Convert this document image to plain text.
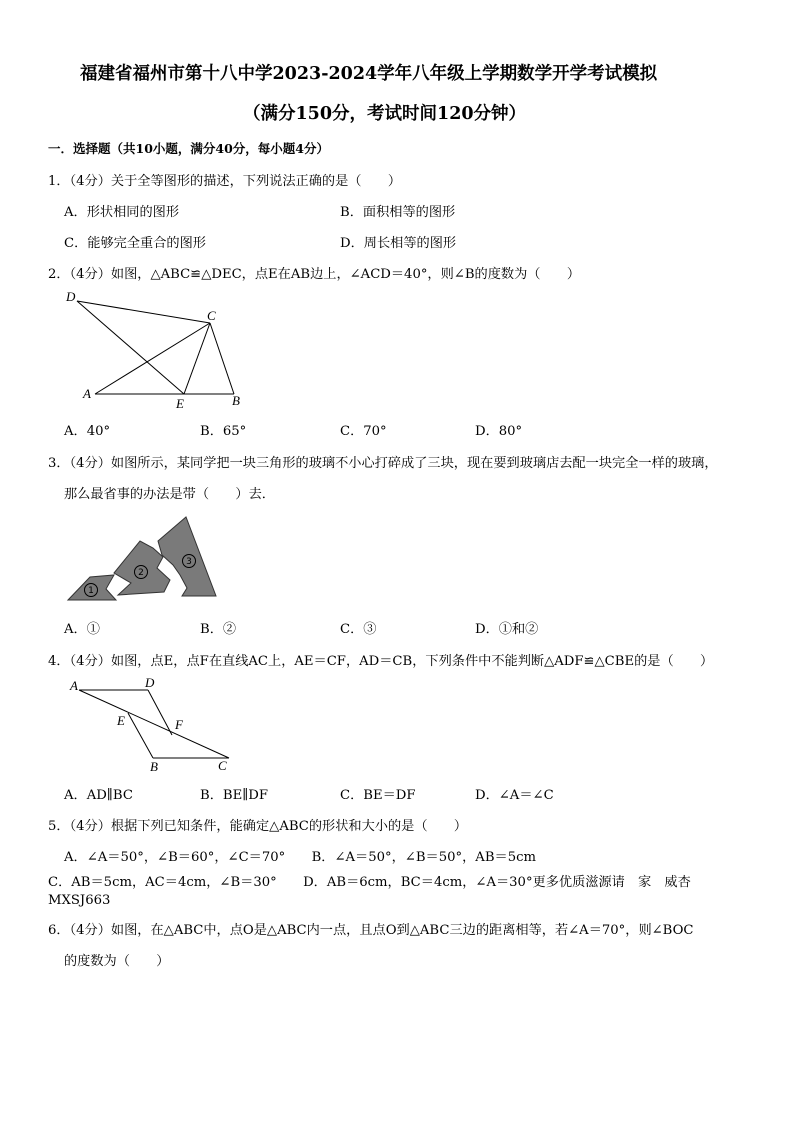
福建省福州市第十八中学2023-2024学年八年级上学期数学开学考试模拟
（满分150分，考试时间120分钟）
一．选择题（共10小题，满分40分，每小题4分）
1．（4分）关于全等图形的描述，下列说法正确的是（　　）
A．形状相同的图形	B．面积相等的图形
C．能够完全重合的图形	D．周长相等的图形
2．（4分）如图，△ABC≌△DEC，点E在AB边上，∠ACD＝40°，则∠B的度数为（　　）
D
C
A
E	B
A．40°	B．65°	C．70°	D．80°
3．（4分）如图所示，某同学把一块三角形的玻璃不小心打碎成了三块，现在要到玻璃店去配一块完全一样的玻璃，
那么最省事的办法是带（　　）去．
1
2
3
A．①	B．②	C．③	D．①和②
4．（4分）如图，点E，点F在直线AC上，AE＝CF，AD＝CB，下列条件中不能判断△ADF≌△CBE的是（　　）
A	D
E	F
B	C
A．AD∥BC	B．BE∥DF	C．BE＝DF	D．∠A＝∠C
5．（4分）根据下列已知条件，能确定△ABC的形状和大小的是（　　）
A．∠A＝50°，∠B＝60°，∠C＝70°　　B．∠A＝50°，∠B＝50°，AB＝5cm
C．AB＝5cm，AC＝4cm，∠B＝30°　　D．AB＝6cm，BC＝4cm，∠A＝30°更多优质滋源请　家　威杏
MXSJ663
6．（4分）如图，在△ABC中，点O是△ABC内一点，且点O到△ABC三边的距离相等，若∠A＝70°，则∠BOC
的度数为（　　）
